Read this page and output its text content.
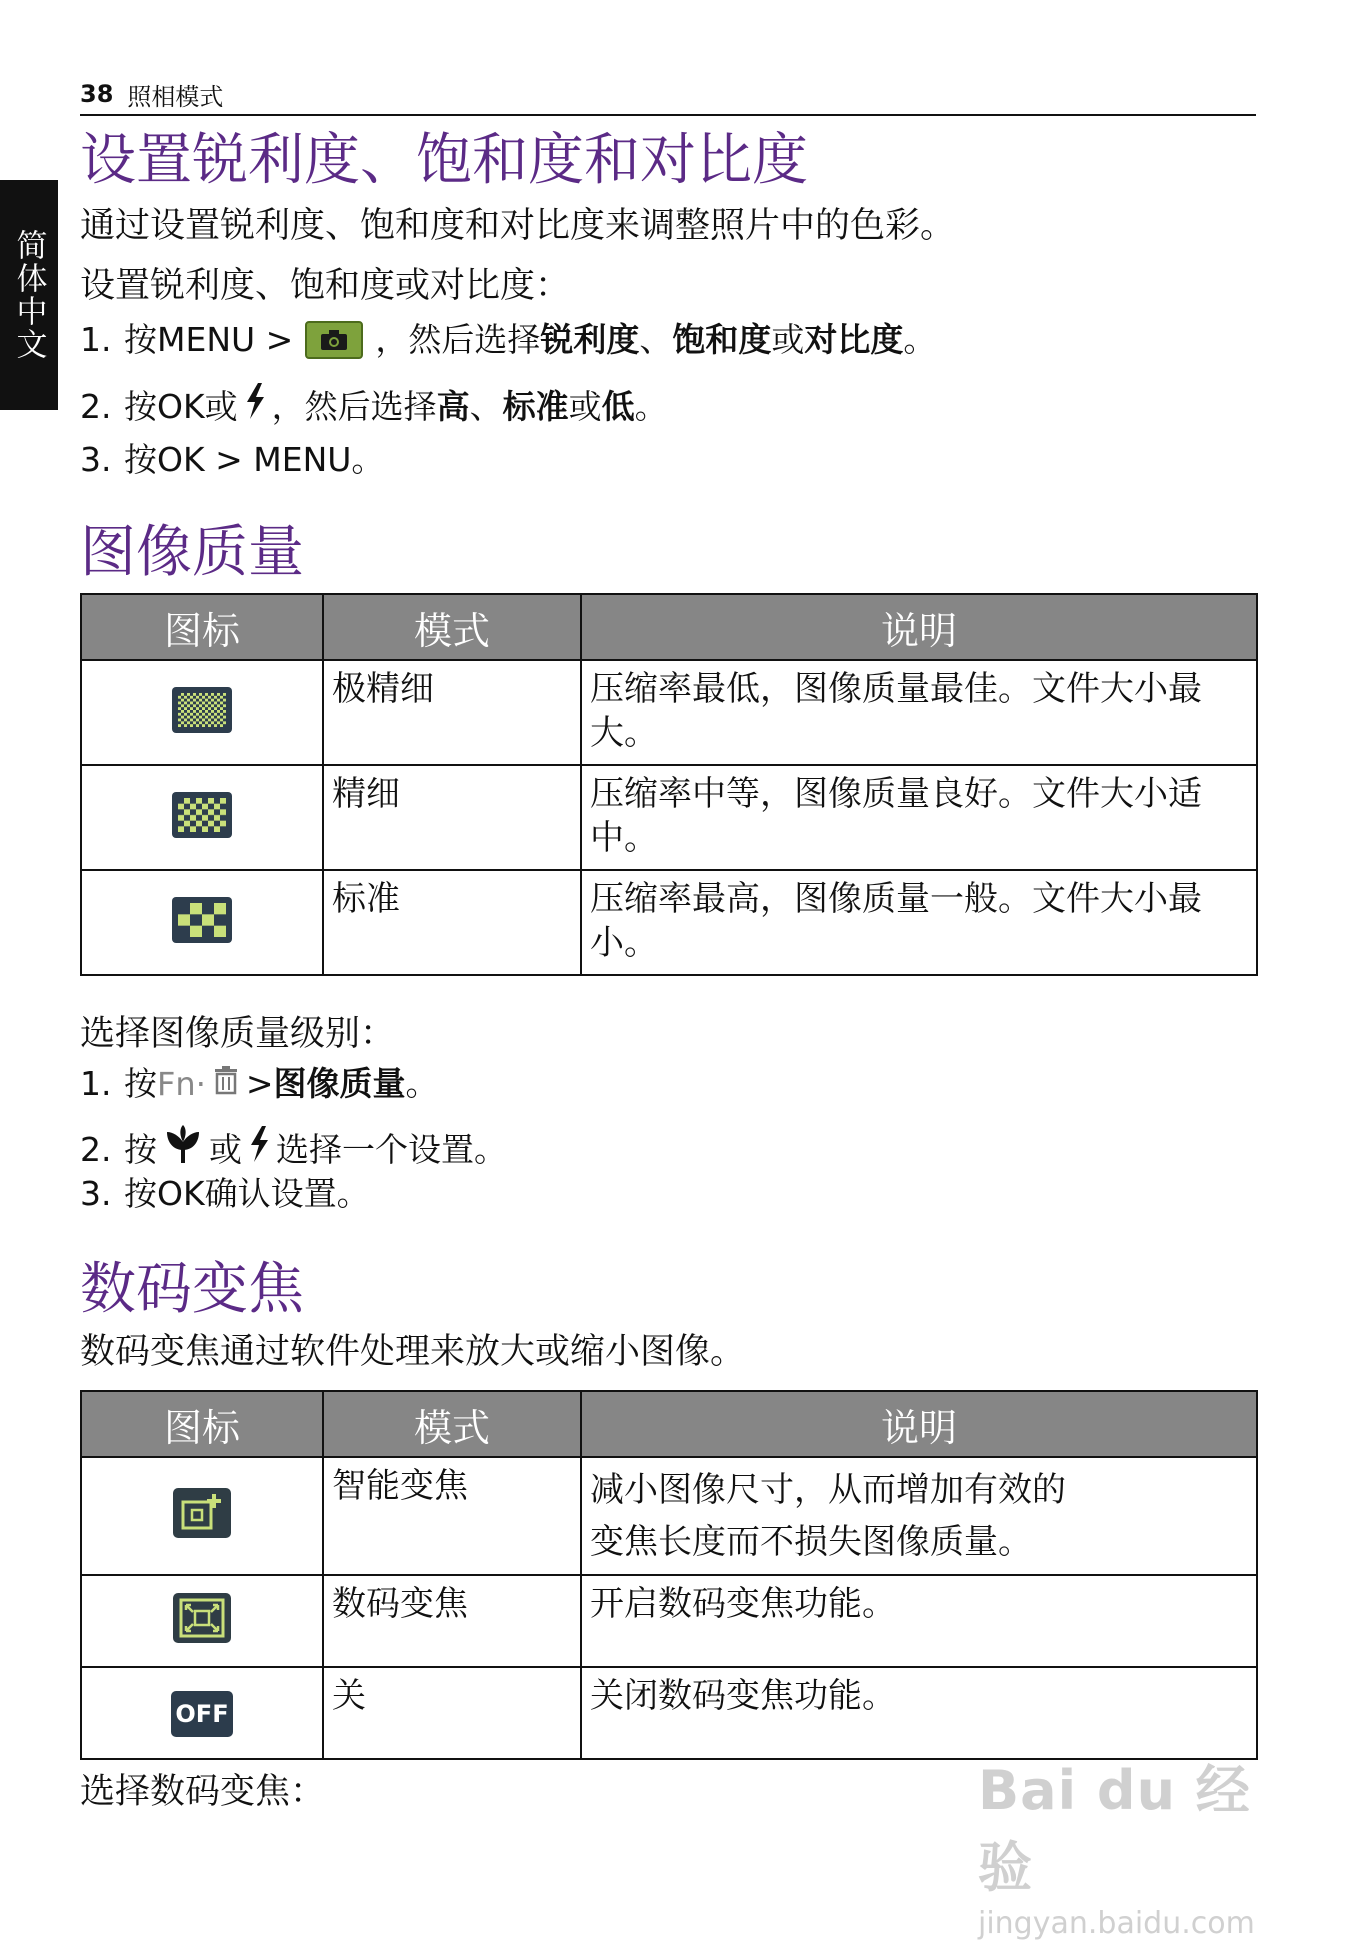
简体中文
38 照相模式
设置锐利度、饱和度和对比度
通过设置锐利度、饱和度和对比度来调整照片中的色彩。
设置锐利度、饱和度或对比度：
1. 按MENU > ，然后选择 锐利度 、 饱和度 或 对比度 。
2. 按OK或 ，然后选择 高 、 标准 或 低 。
3. 按OK > MENU。
图像质量
图标	模式	说明
	极精细	压缩率最低，图像质量最佳。文件大小最大。
	精细	压缩率中等，图像质量良好。文件大小适中。
	标准	压缩率最高，图像质量一般。文件大小最小。
选择图像质量级别：
1. 按 Fn· > 图像质量 。
2. 按 或 选择一个设置。
3. 按OK确认设置。
数码变焦
数码变焦通过软件处理来放大或缩小图像。
图标	模式	说明

	智能变焦	减小图像尺寸，从而增加有效的
变焦长度而不损失图像质量。

	数码变焦	开启数码变焦功能。
OFF	关	关闭数码变焦功能。
选择数码变焦：	Bai du 经验
jingyan.baidu.com
